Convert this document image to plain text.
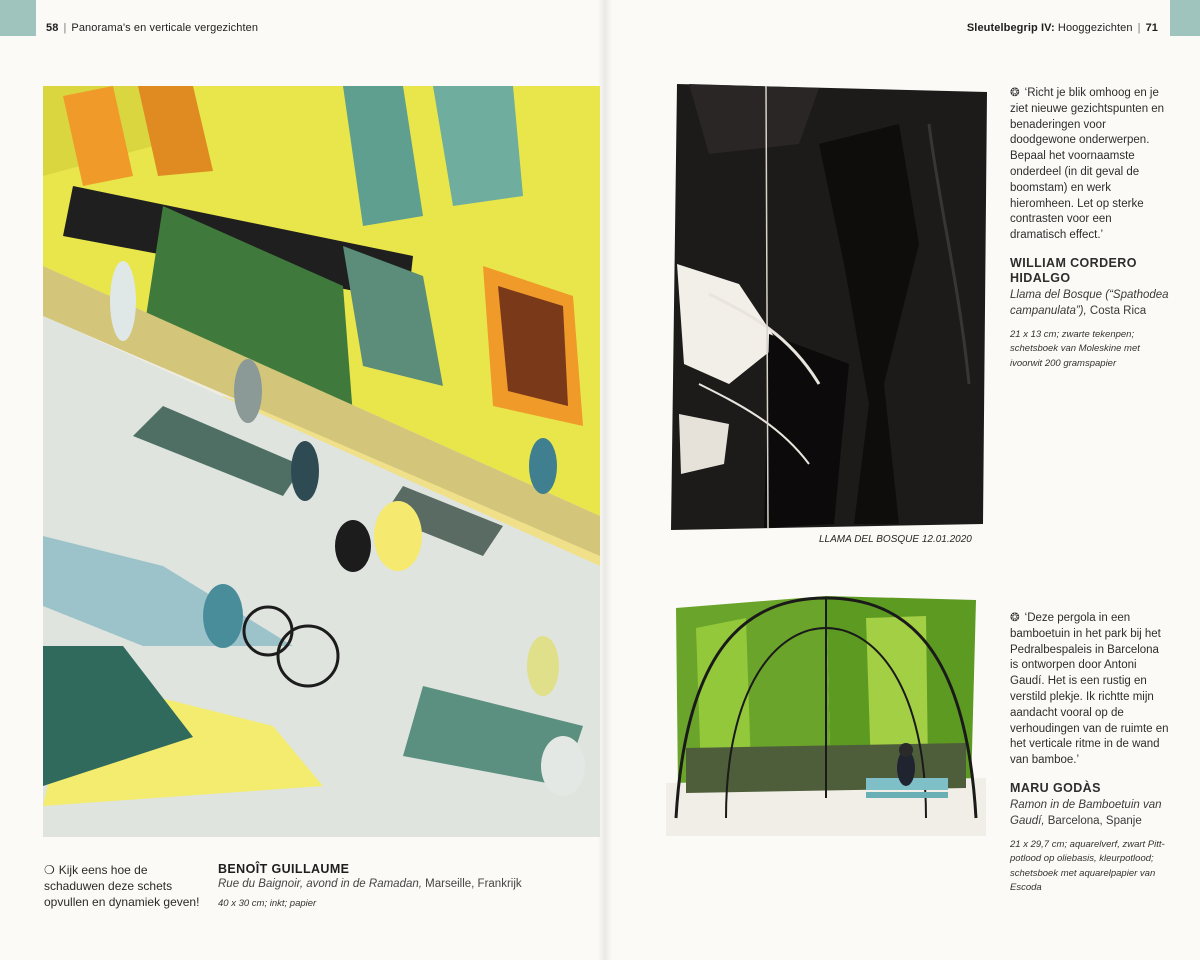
58 | Panorama's en verticale vergezichten	Sleutelbegrip IV: Hooggezichten | 71
❍ Kijk eens hoe de schaduwen deze schets opvullen en dynamiek geven!
BENOÎT GUILLAUME
Rue du Baignoir, avond in de Ramadan, Marseille, Frankrijk
40 x 30 cm; inkt; papier
LLAMA DEL BOSQUE 12.01.2020
❂ ‘Richt je blik omhoog en je ziet nieuwe gezichtspunten en benaderingen voor doodgewone onderwerpen. Bepaal het voornaamste onderdeel (in dit geval de boomstam) en werk hieromheen. Let op sterke contrasten voor een dramatisch effect.’
WILLIAM CORDERO HIDALGO
Llama del Bosque (“Spathodea campanulata”), Costa Rica
21 x 13 cm; zwarte tekenpen; schetsboek van Moleskine met ivoorwit 200 gramspapier
❂ ‘Deze pergola in een bamboetuin in het park bij het Pedralbespaleis in Barcelona is ontworpen door Antoni Gaudí. Het is een rustig en verstild plekje. Ik richtte mijn aandacht vooral op de verhoudingen van de ruimte en het verticale ritme in de wand van bamboe.’
MARU GODÀS
Ramon in de Bamboetuin van Gaudí, Barcelona, Spanje
21 x 29,7 cm; aquarelverf, zwart Pitt-potlood op oliebasis, kleurpotlood; schetsboek met aquarelpapier van Escoda
